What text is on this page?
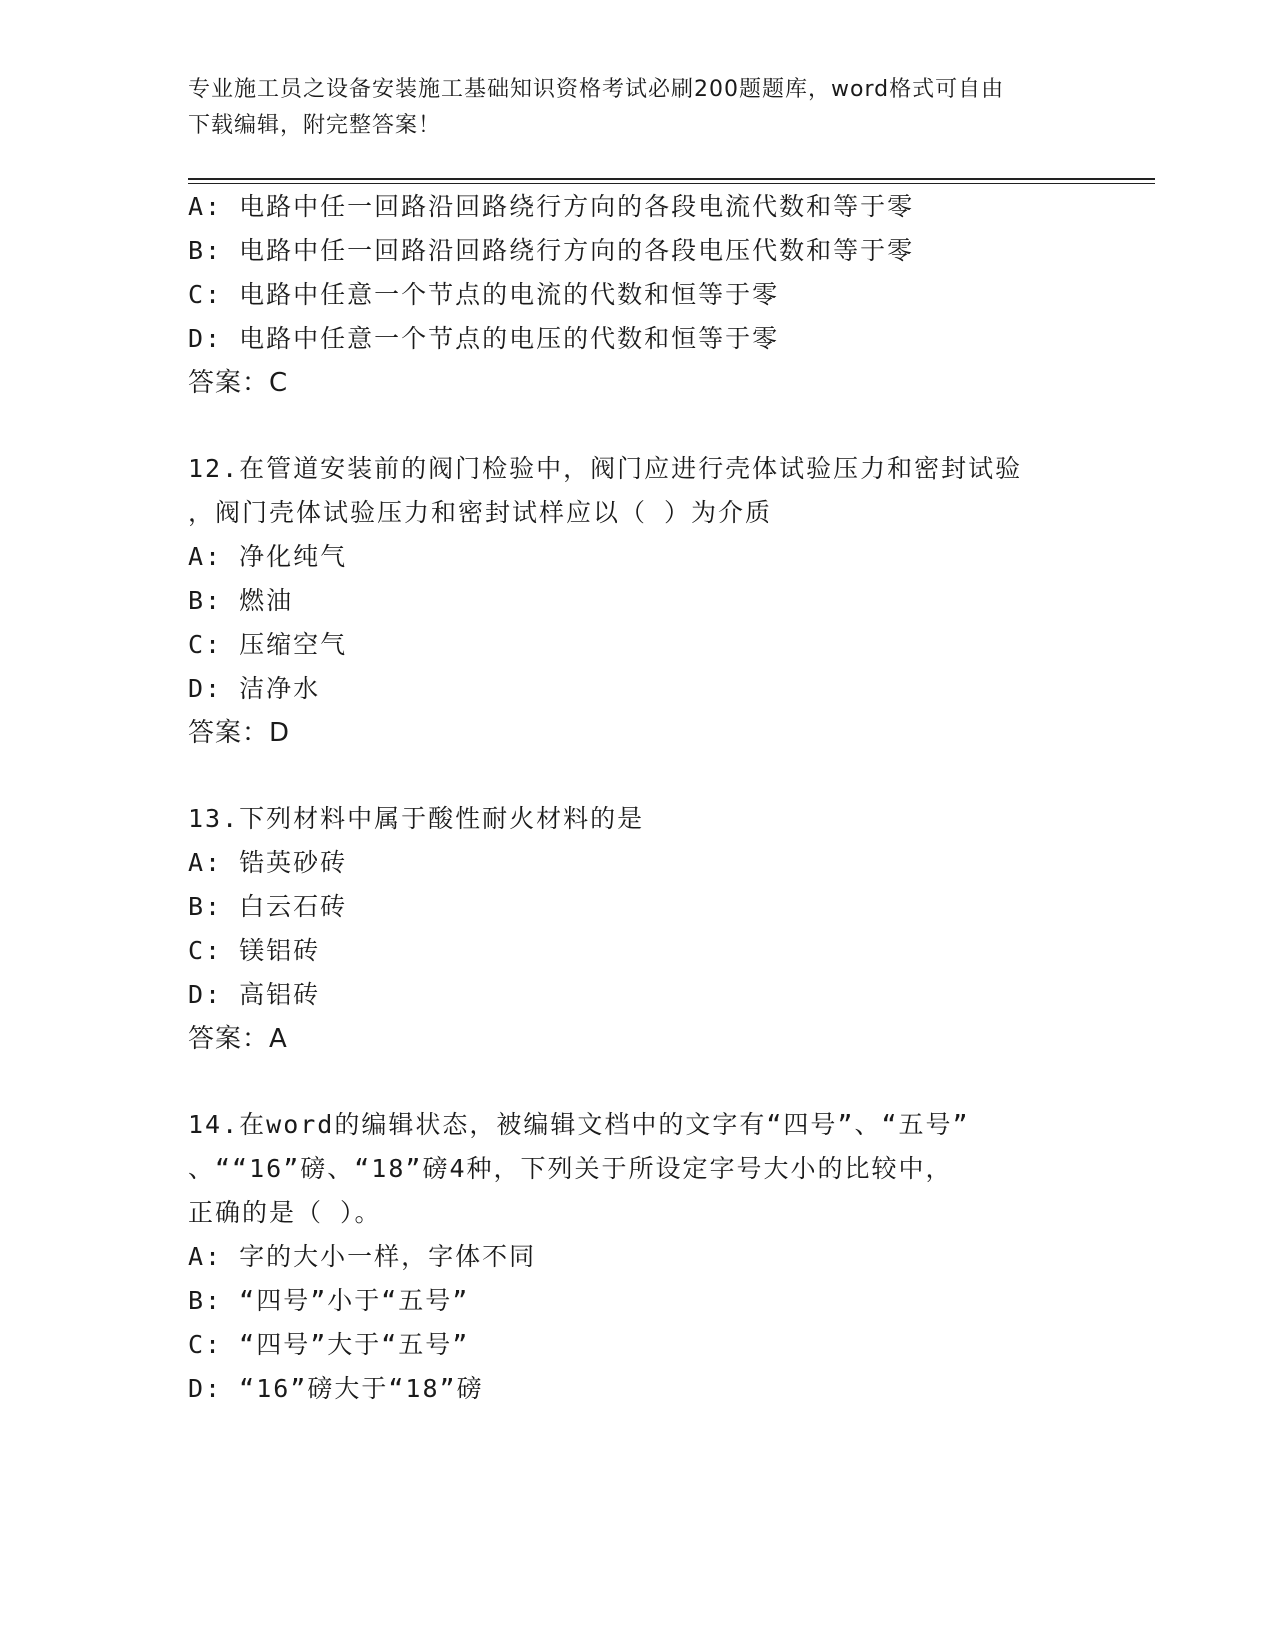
专业施工员之设备安装施工基础知识资格考试必刷200题题库，word格式可自由
下载编辑，附完整答案！
A: 电路中任一回路沿回路绕行方向的各段电流代数和等于零
B: 电路中任一回路沿回路绕行方向的各段电压代数和等于零
C: 电路中任意一个节点的电流的代数和恒等于零
D: 电路中任意一个节点的电压的代数和恒等于零
答案：C
12.在管道安装前的阀门检验中，阀门应进行壳体试验压力和密封试验
，阀门壳体试验压力和密封试样应以（ ）为介质
A: 净化纯气
B: 燃油
C: 压缩空气
D: 洁净水
答案：D
13.下列材料中属于酸性耐火材料的是
A: 锆英砂砖
B: 白云石砖
C: 镁铝砖
D: 高铝砖
答案：A
14.在word的编辑状态，被编辑文档中的文字有“四号”、“五号”
、““16”磅、“18”磅4种，下列关于所设定字号大小的比较中，
正确的是（ ）。
A: 字的大小一样，字体不同
B: “四号”小于“五号”
C: “四号”大于“五号”
D: “16”磅大于“18”磅
